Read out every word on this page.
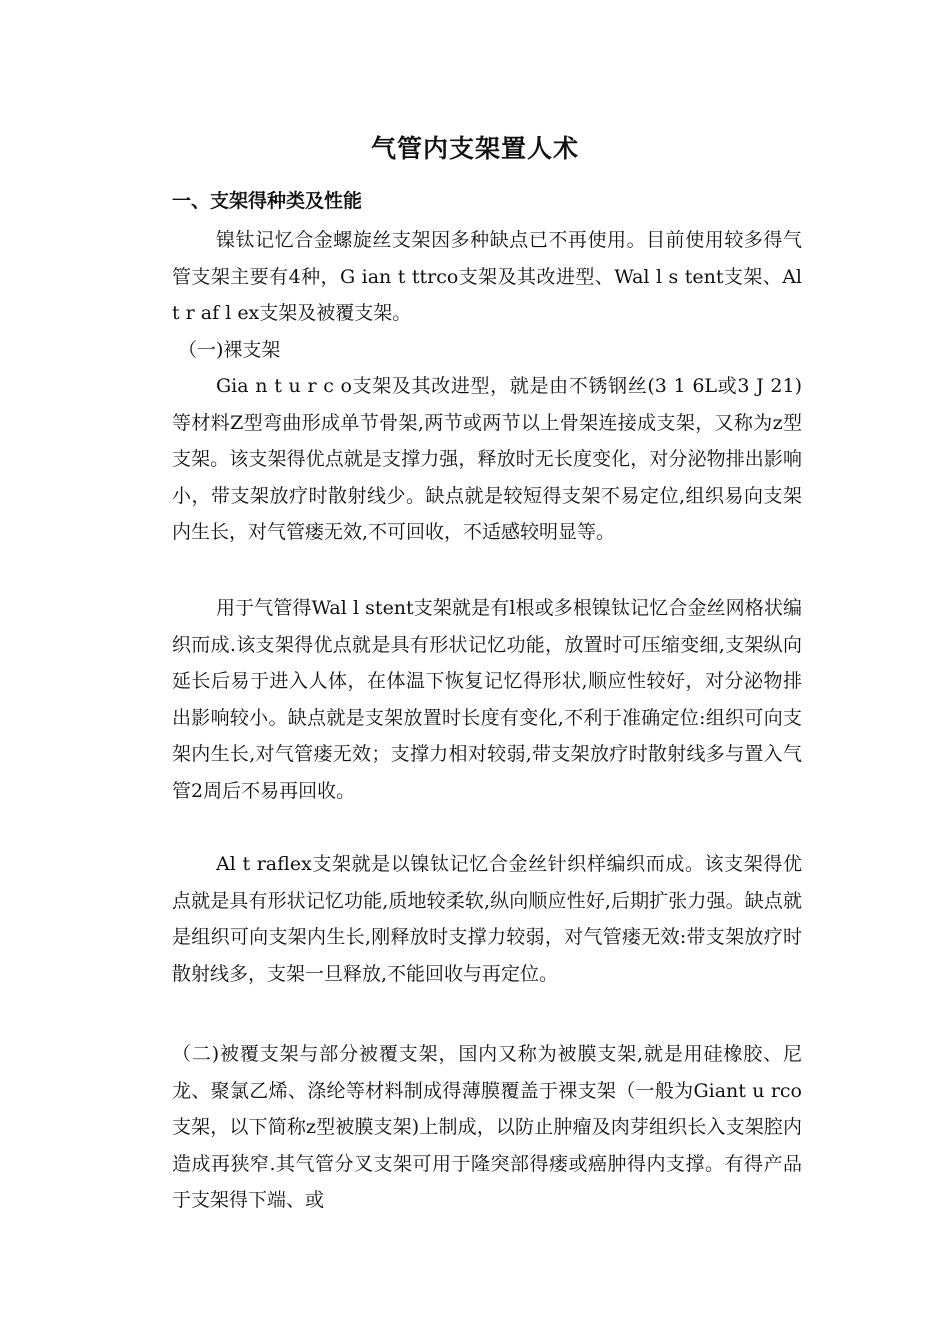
气管内支架置人术
一、支架得种类及性能

镍钛记忆合金螺旋丝支架因多种缺点已不再使用。目前使用较多得气管支架主要有4种，G ian t ttrco支架及其改进型、Wal l s tent支架、Al t r af l ex支架及被覆支架。

（一)裸支架

Gia n t u r c o支架及其改进型，就是由不锈钢丝(3 1 6L或3 J 21)等材料Z型弯曲形成单节骨架,两节或两节以上骨架连接成支架，又称为z型支架。该支架得优点就是支撑力强，释放时无长度变化，对分泌物排出影响小，带支架放疗时散射线少。缺点就是较短得支架不易定位,组织易向支架内生长，对气管瘘无效,不可回收，不适感较明显等。

用于气管得Wal l stent支架就是有l根或多根镍钛记忆合金丝网格状编织而成.该支架得优点就是具有形状记忆功能，放置时可压缩变细,支架纵向延长后易于进入人体，在体温下恢复记忆得形状,顺应性较好，对分泌物排出影响较小。缺点就是支架放置时长度有变化,不利于准确定位:组织可向支架内生长,对气管瘘无效；支撑力相对较弱,带支架放疗时散射线多与置入气管2周后不易再回收。

Al t raflex支架就是以镍钛记忆合金丝针织样编织而成。该支架得优点就是具有形状记忆功能,质地较柔软,纵向顺应性好,后期扩张力强。缺点就是组织可向支架内生长,刚释放时支撑力较弱，对气管瘘无效:带支架放疗时散射线多，支架一旦释放,不能回收与再定位。

（二)被覆支架与部分被覆支架，国内又称为被膜支架,就是用硅橡胶、尼龙、聚氯乙烯、涤纶等材料制成得薄膜覆盖于裸支架（一般为Giant u rco支架，以下简称z型被膜支架)上制成，以防止肿瘤及肉芽组织长入支架腔内造成再狭窄.其气管分叉支架可用于隆突部得瘘或癌肿得内支撑。有得产品于支架得下端、或
